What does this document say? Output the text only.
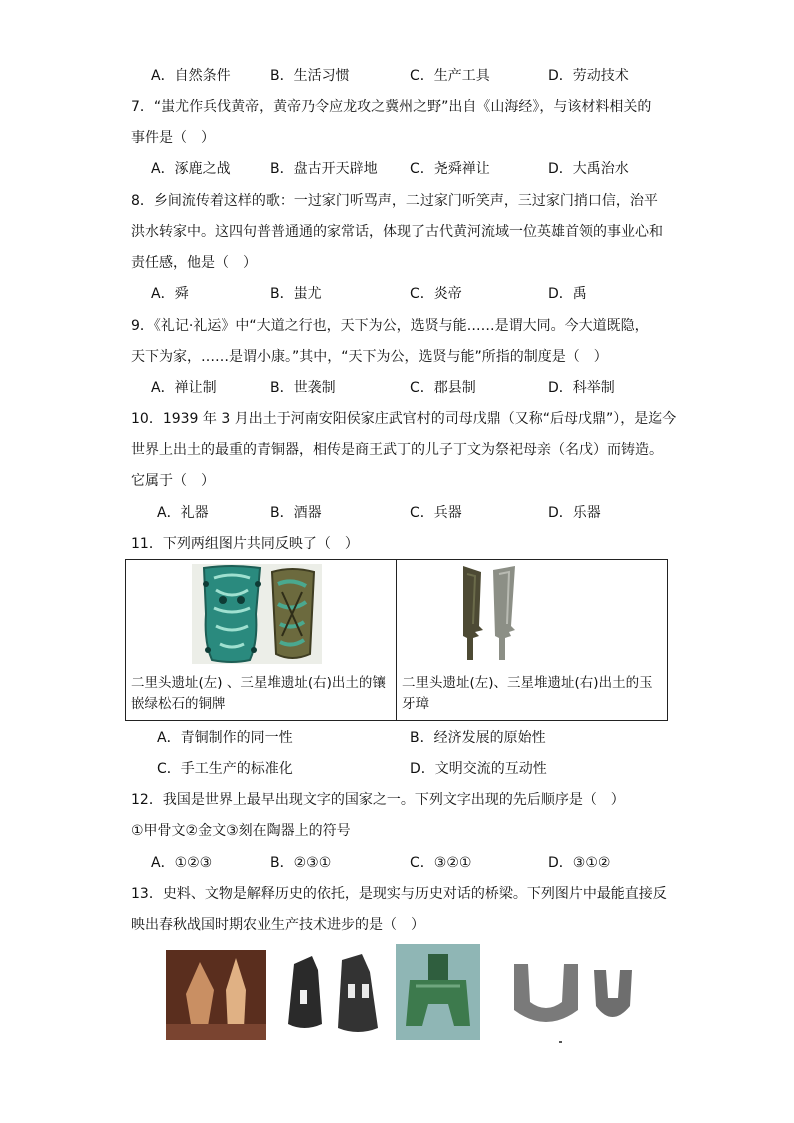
A．自然条件	B．生活习惯	C．生产工具	D．劳动技术
7．“蚩尤作兵伐黄帝，黄帝乃令应龙攻之冀州之野”出自《山海经》，与该材料相关的
事件是（　）
A．涿鹿之战	B．盘古开天辟地 C．尧舜禅让	D．大禹治水
8．乡间流传着这样的歌：一过家门听骂声，二过家门听笑声，三过家门捎口信，治平
洪水转家中。这四句普普通通的家常话，体现了古代黄河流域一位英雄首领的事业心和
责任感，他是（　）
A．舜	B．蚩尤	C．炎帝	D．禹
9．《礼记·礼运》中“大道之行也，天下为公，选贤与能……是谓大同。今大道既隐，
天下为家，……是谓小康。”其中，“天下为公，选贤与能”所指的制度是（　）
A．禅让制	B．世袭制	C．郡县制	D．科举制
10．1939 年 3 月出土于河南安阳侯家庄武官村的司母戊鼎（又称“后母戊鼎”），是迄今
世界上出土的最重的青铜器，相传是商王武丁的儿子丁文为祭祀母亲（名戊）而铸造。
它属于（　）
A．礼器	B．酒器	C．兵器	D．乐器
11．下列两组图片共同反映了（　）
二里头遗址(左) 、三星堆遗址(右)出土的镶嵌绿松石的铜牌

二里头遗址(左)、三星堆遗址(右)出土的玉牙璋
A．青铜制作的同一性	B．经济发展的原始性
C．手工生产的标准化	D．文明交流的互动性
12．我国是世界上最早出现文字的国家之一。下列文字出现的先后顺序是（　）
①甲骨文②金文③刻在陶器上的符号
A．①②③	B．②③①	C．③②①	D．③①②
13．史料、文物是解释历史的依托，是现实与历史对话的桥梁。下列图片中最能直接反
映出春秋战国时期农业生产技术进步的是（　）
